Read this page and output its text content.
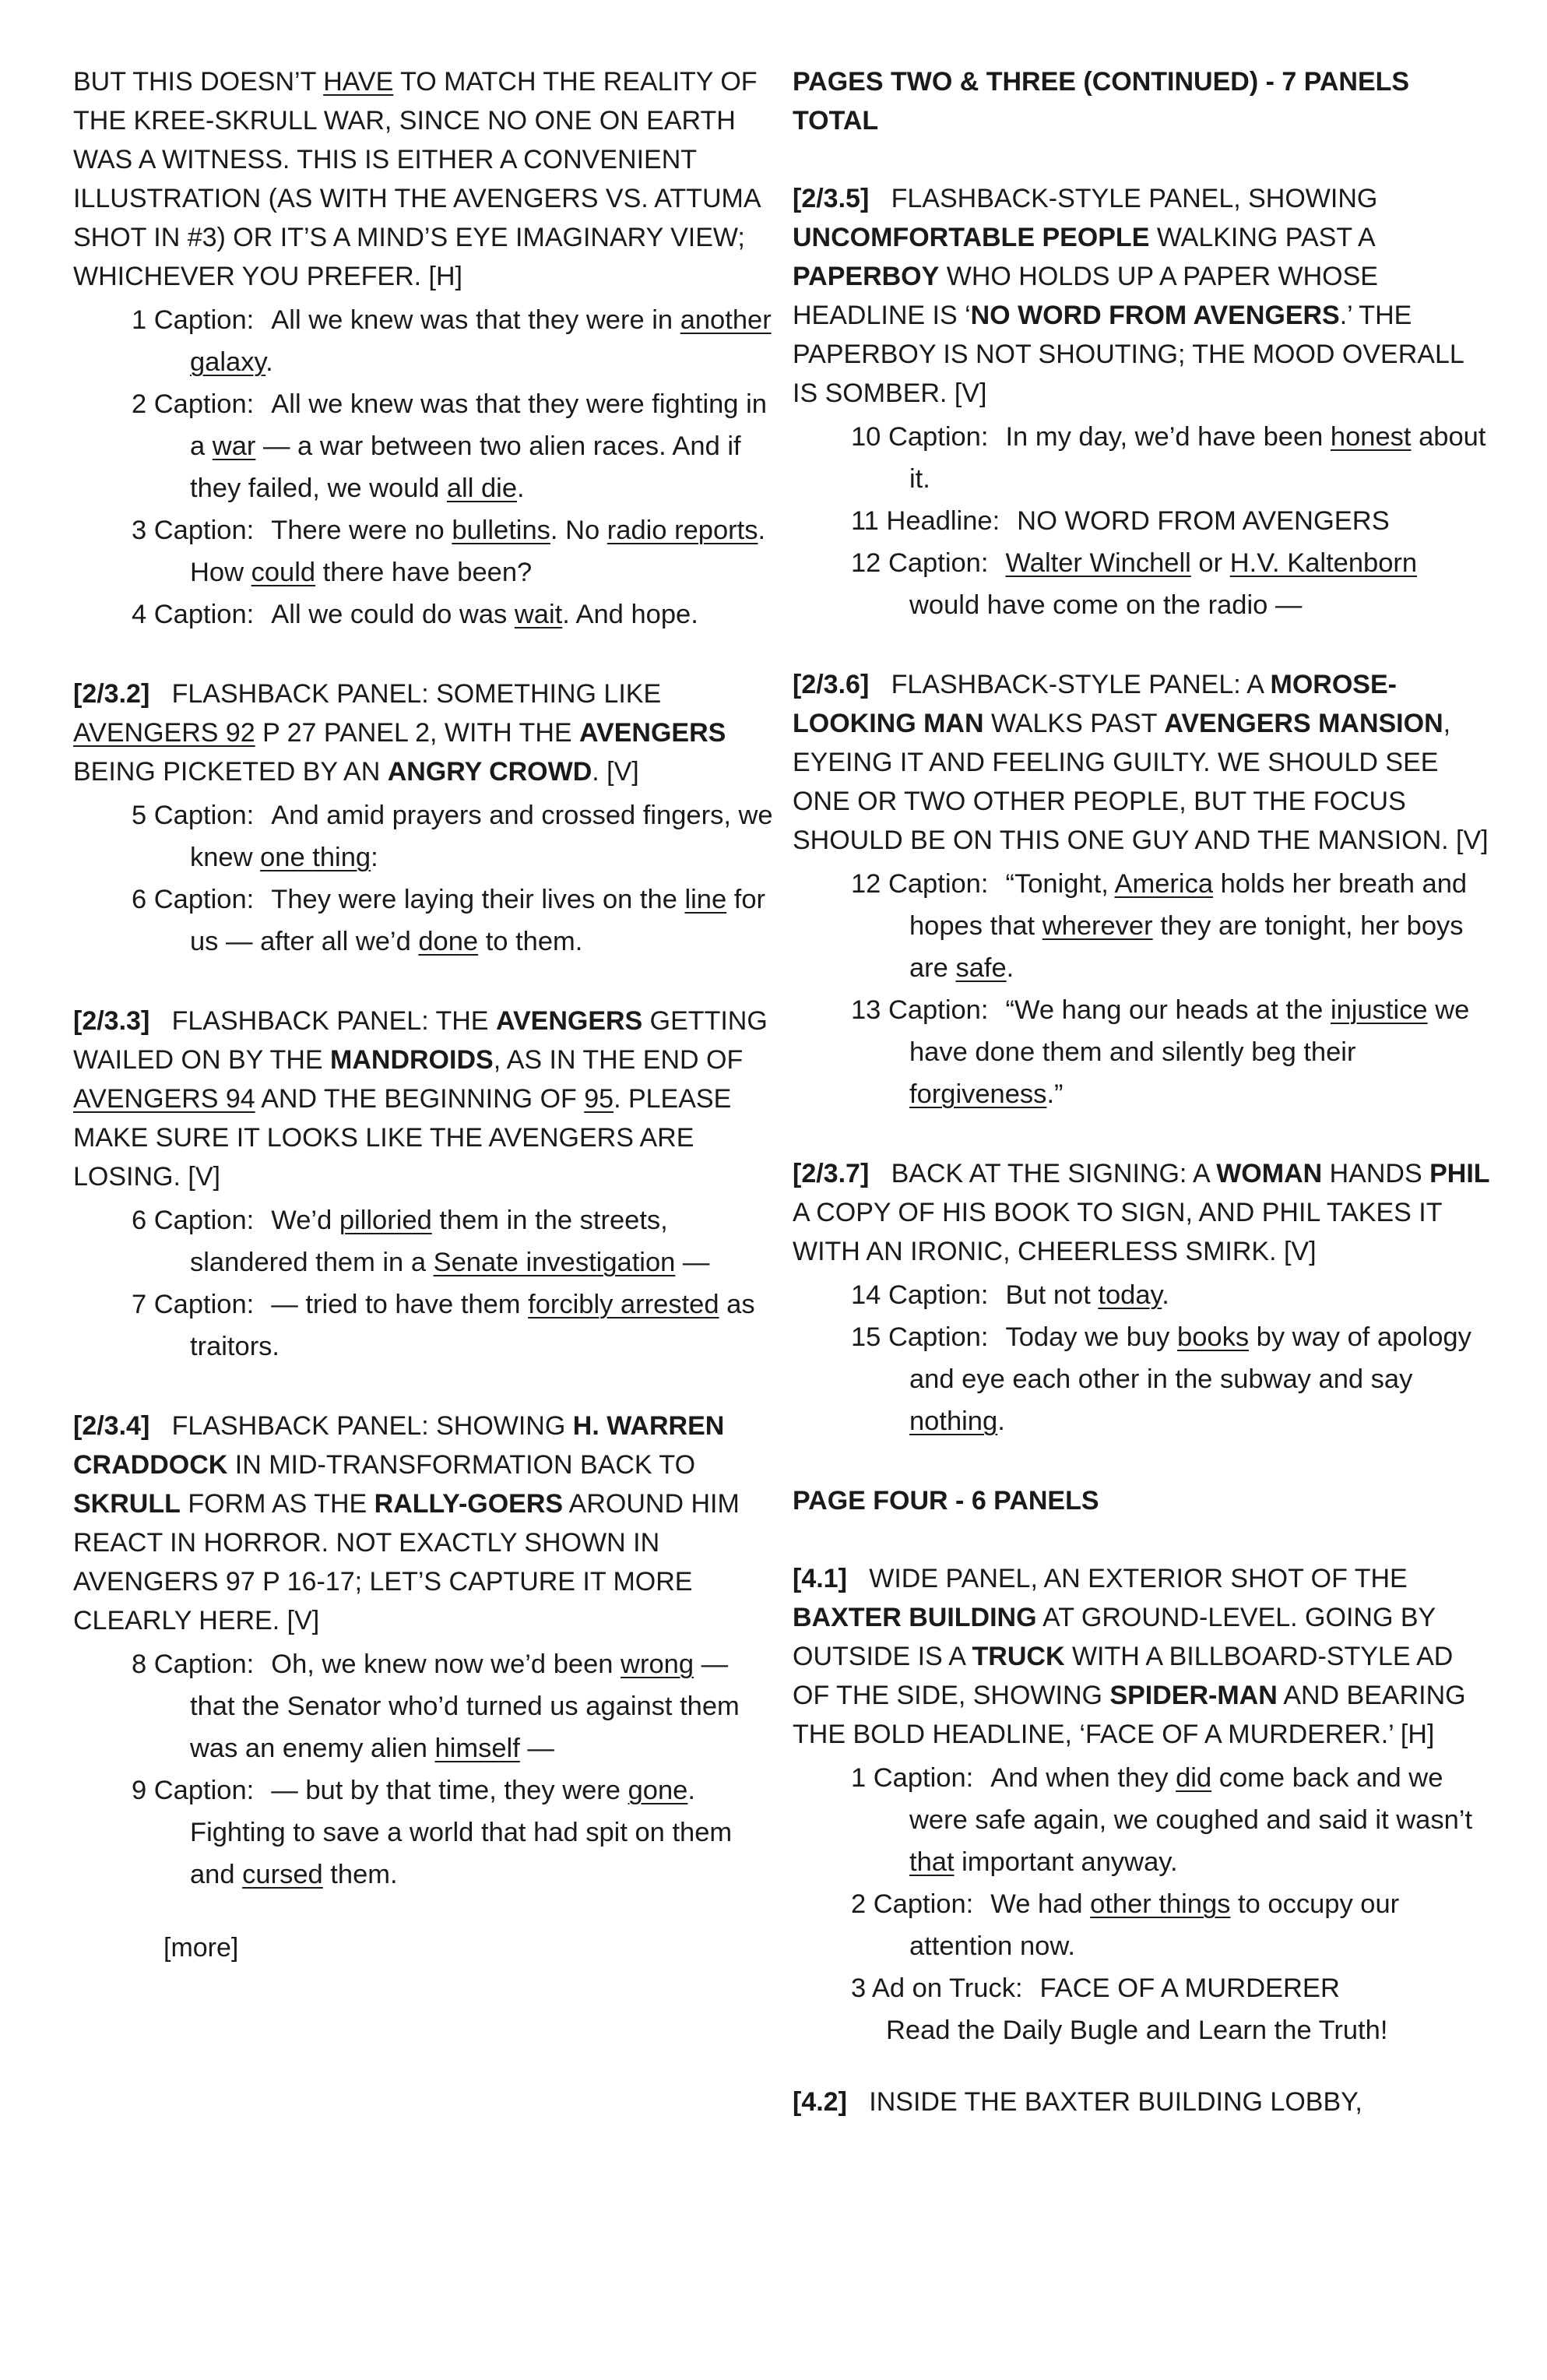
BUT THIS DOESN’T HAVE TO MATCH THE REALITY OF THE KREE-SKRULL WAR, SINCE NO ONE ON EARTH WAS A WITNESS. THIS IS EITHER A CONVENIENT ILLUSTRATION (AS WITH THE AVENGERS VS. ATTUMA SHOT IN #3) OR IT’S A MIND’S EYE IMAGINARY VIEW; WHICHEVER YOU PREFER. [H]
1 Caption: All we knew was that they were in another galaxy.
2 Caption: All we knew was that they were fighting in a war — a war between two alien races. And if they failed, we would all die.
3 Caption: There were no bulletins. No radio reports. How could there have been?
4 Caption: All we could do was wait. And hope.
[2/3.2] FLASHBACK PANEL: SOMETHING LIKE AVENGERS 92 P 27 PANEL 2, WITH THE AVENGERS BEING PICKETED BY AN ANGRY CROWD. [V]
5 Caption: And amid prayers and crossed fingers, we knew one thing:
6 Caption: They were laying their lives on the line for us — after all we’d done to them.
[2/3.3] FLASHBACK PANEL: THE AVENGERS GETTING WAILED ON BY THE MANDROIDS, AS IN THE END OF AVENGERS 94 AND THE BEGINNING OF 95. PLEASE MAKE SURE IT LOOKS LIKE THE AVENGERS ARE LOSING. [V]
6 Caption: We’d pilloried them in the streets, slandered them in a Senate investigation —
7 Caption: — tried to have them forcibly arrested as traitors.
[2/3.4] FLASHBACK PANEL: SHOWING H. WARREN CRADDOCK IN MID-TRANSFORMATION BACK TO SKRULL FORM AS THE RALLY-GOERS AROUND HIM REACT IN HORROR. NOT EXACTLY SHOWN IN AVENGERS 97 P 16-17; LET’S CAPTURE IT MORE CLEARLY HERE. [V]
8 Caption: Oh, we knew now we’d been wrong — that the Senator who’d turned us against them was an enemy alien himself —
9 Caption: — but by that time, they were gone. Fighting to save a world that had spit on them and cursed them.
[more]
PAGES TWO & THREE (CONTINUED) - 7 PANELS TOTAL
[2/3.5] FLASHBACK-STYLE PANEL, SHOWING UNCOMFORTABLE PEOPLE WALKING PAST A PAPERBOY WHO HOLDS UP A PAPER WHOSE HEADLINE IS ‘NO WORD FROM AVENGERS.’ THE PAPERBOY IS NOT SHOUTING; THE MOOD OVERALL IS SOMBER. [V]
10 Caption: In my day, we’d have been honest about it.
11 Headline: NO WORD FROM AVENGERS
12 Caption: Walter Winchell or H.V. Kaltenborn would have come on the radio —
[2/3.6] FLASHBACK-STYLE PANEL: A MOROSE-LOOKING MAN WALKS PAST AVENGERS MANSION, EYEING IT AND FEELING GUILTY. WE SHOULD SEE ONE OR TWO OTHER PEOPLE, BUT THE FOCUS SHOULD BE ON THIS ONE GUY AND THE MANSION. [V]
12 Caption: “Tonight, America holds her breath and hopes that wherever they are tonight, her boys are safe.
13 Caption: “We hang our heads at the injustice we have done them and silently beg their forgiveness.”
[2/3.7] BACK AT THE SIGNING: A WOMAN HANDS PHIL A COPY OF HIS BOOK TO SIGN, AND PHIL TAKES IT WITH AN IRONIC, CHEERLESS SMIRK. [V]
14 Caption: But not today.
15 Caption: Today we buy books by way of apology and eye each other in the subway and say nothing.
PAGE FOUR - 6 PANELS
[4.1] WIDE PANEL, AN EXTERIOR SHOT OF THE BAXTER BUILDING AT GROUND-LEVEL. GOING BY OUTSIDE IS A TRUCK WITH A BILLBOARD-STYLE AD OF THE SIDE, SHOWING SPIDER-MAN AND BEARING THE BOLD HEADLINE, ‘FACE OF A MURDERER.’ [H]
1 Caption: And when they did come back and we were safe again, we coughed and said it wasn’t that important anyway.
2 Caption: We had other things to occupy our attention now.
3 Ad on Truck: FACE OF A MURDERER
Read the Daily Bugle and Learn the Truth!
[4.2] INSIDE THE BAXTER BUILDING LOBBY,
